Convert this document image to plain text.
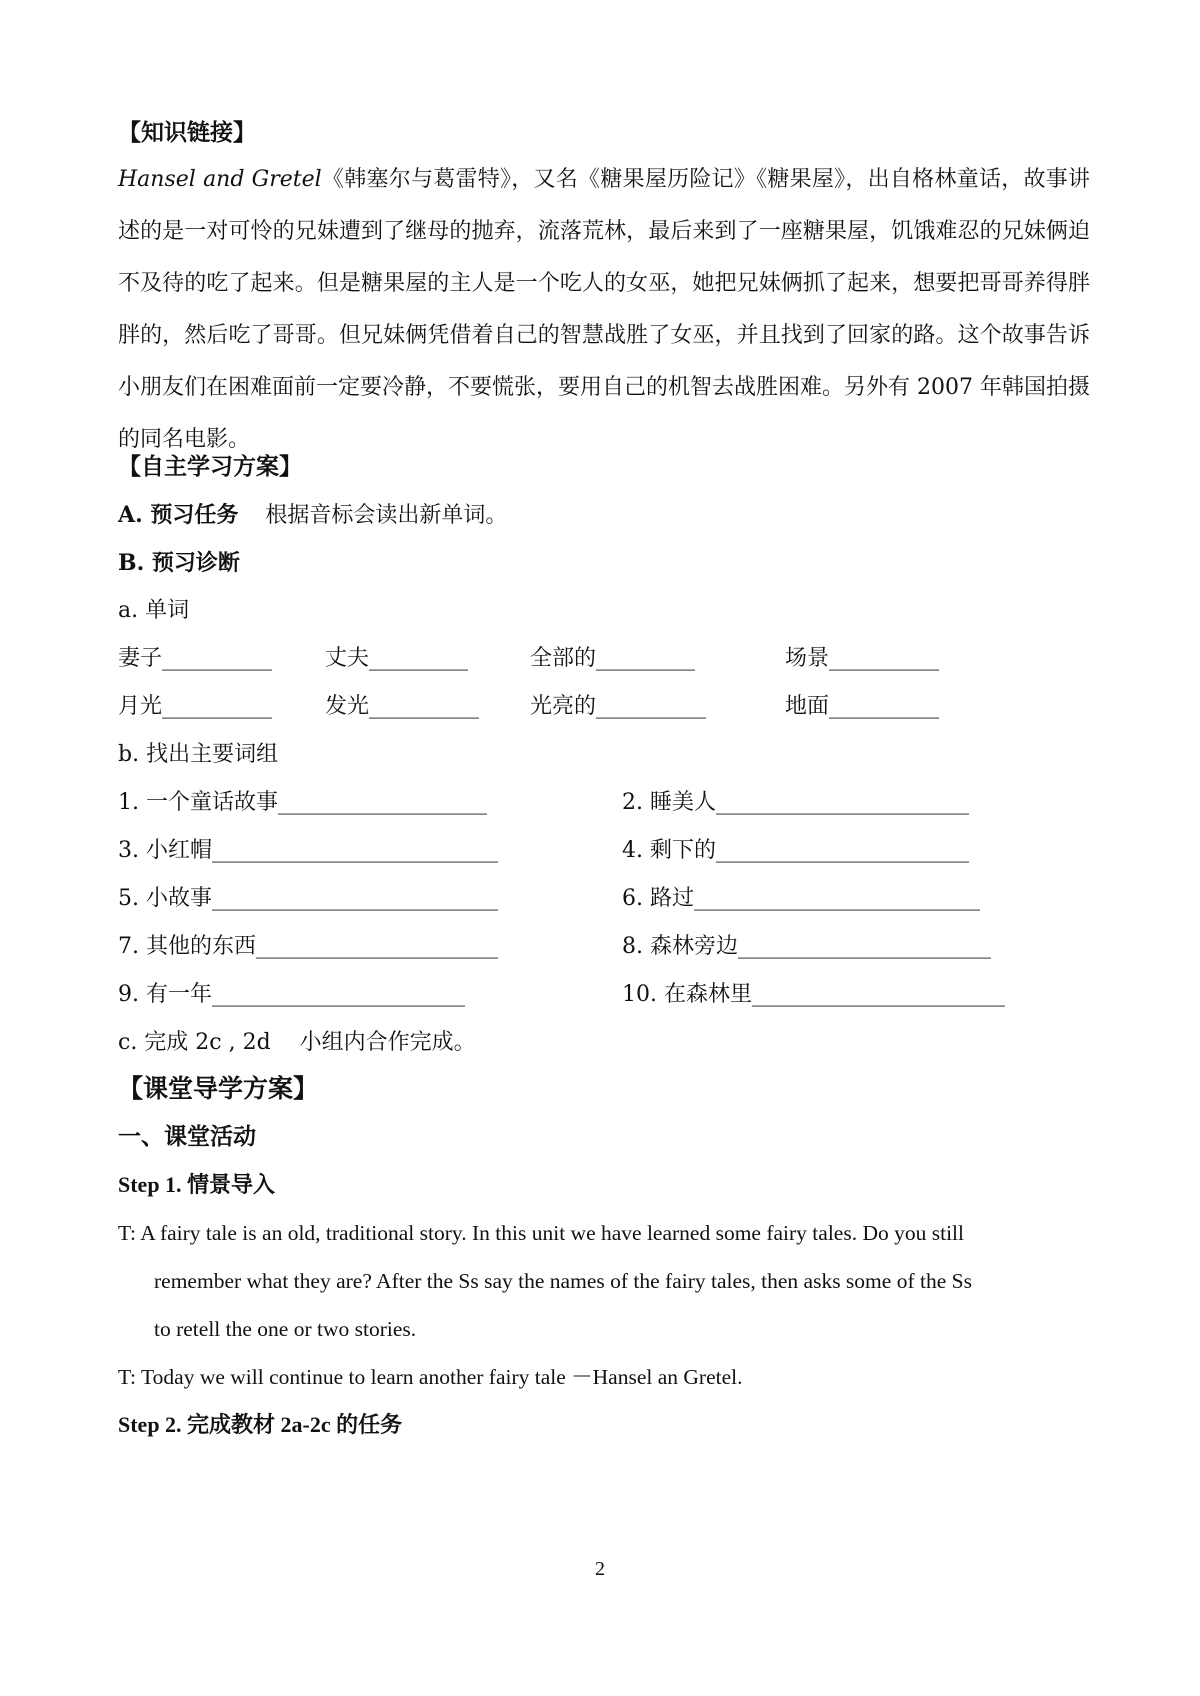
【知识链接】

Hansel and Gretel《韩塞尔与葛雷特》，又名《糖果屋历险记》《糖果屋》，出自格林童话，故事讲述的是一对可怜的兄妹遭到了继母的抛弃，流落荒林，最后来到了一座糖果屋，饥饿难忍的兄妹俩迫不及待的吃了起来。但是糖果屋的主人是一个吃人的女巫，她把兄妹俩抓了起来，想要把哥哥养得胖胖的，然后吃了哥哥。但兄妹俩凭借着自己的智慧战胜了女巫，并且找到了回家的路。这个故事告诉小朋友们在困难面前一定要冷静，不要慌张，要用自己的机智去战胜困难。另外有 2007 年韩国拍摄的同名电影。

【自主学习方案】
A. 预习任务 根据音标会读出新单词。
B. 预习诊断
a. 单词
妻子__________ 丈夫_________	全部的_________	场景__________
月光__________ 发光__________ 光亮的__________	地面__________
b. 找出主要词组
1. 一个童话故事___________________	2. 睡美人_______________________
3. 小红帽__________________________	4. 剩下的_______________________
5. 小故事__________________________	6. 路过__________________________
7. 其他的东西______________________	8. 森林旁边_______________________
9. 有一年_______________________	10. 在森林里_______________________
c. 完成 2c , 2d　 小组内合作完成。
【课堂导学方案】
一、课堂活动
Step 1. 情景导入
T: A fairy tale is an old, traditional story. In this unit we have learned some fairy tales. Do you still
remember what they are? After the Ss say the names of the fairy tales, then asks some of the Ss
to retell the one or two stories.
T: Today we will continue to learn another fairy tale －Hansel an Gretel.
Step 2. 完成教材 2a-2c 的任务
2
